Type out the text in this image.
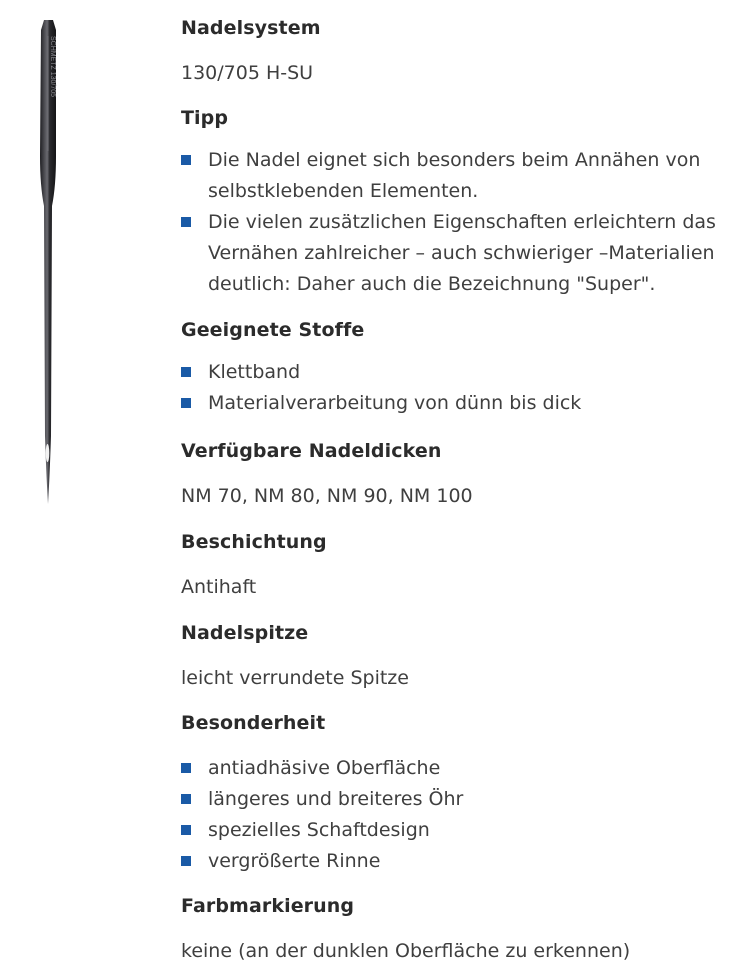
SCHMETZ 130/705
Nadelsystem

130/705 H-SU

Tipp
Die Nadel eignet sich besonders beim Annähen von
selbstklebenden Elementen.
Die vielen zusätzlichen Eigenschaften erleichtern das
Vernähen zahlreicher – auch schwieriger –Materialien
deutlich: Daher auch die Bezeichnung "Super".
Geeignete Stoffe
Klettband
Materialverarbeitung von dünn bis dick
Verfügbare Nadeldicken

NM 70, NM 80, NM 90, NM 100

Beschichtung

Antihaft

Nadelspitze

leicht verrundete Spitze

Besonderheit
antiadhäsive Oberfläche
längeres und breiteres Öhr
spezielles Schaftdesign
vergrößerte Rinne
Farbmarkierung

keine (an der dunklen Oberfläche zu erkennen)
